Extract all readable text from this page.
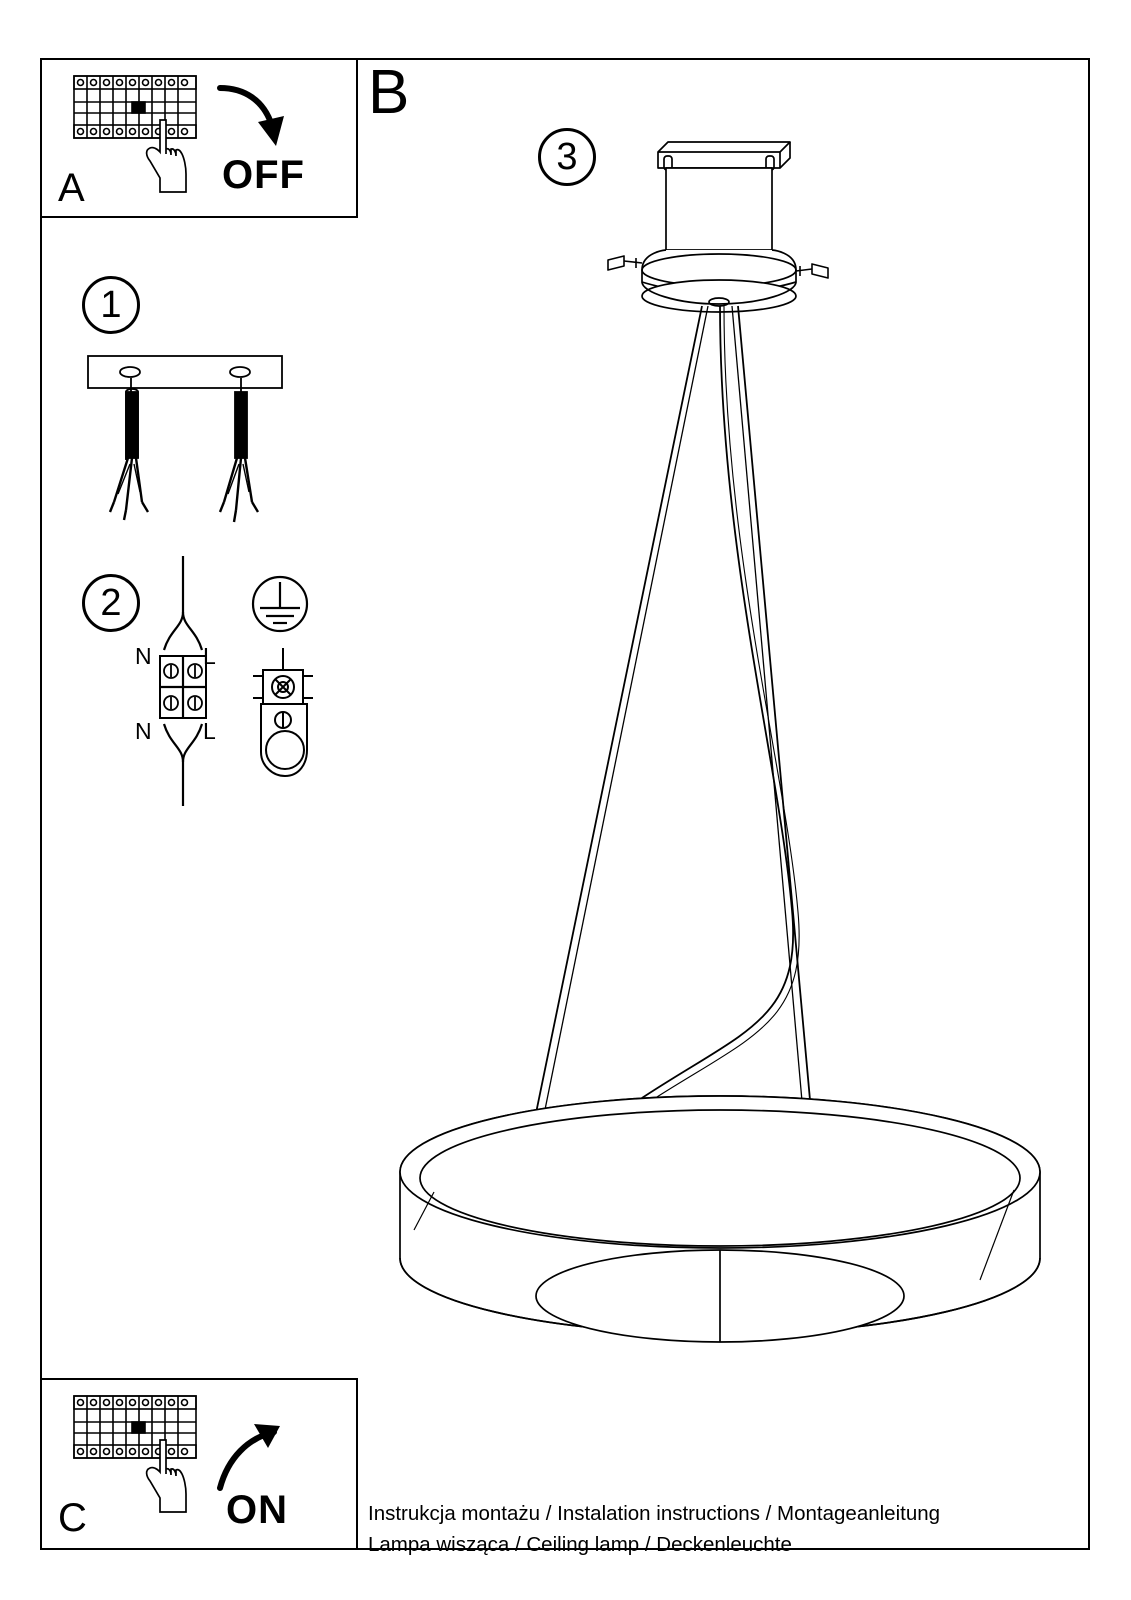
A	OFF
1
2
N L
N L
B
3
C	ON	Instrukcja montażu / Instalation instructions / Montageanleitung
Lampa wisząca / Ceiling lamp / Deckenleuchte
